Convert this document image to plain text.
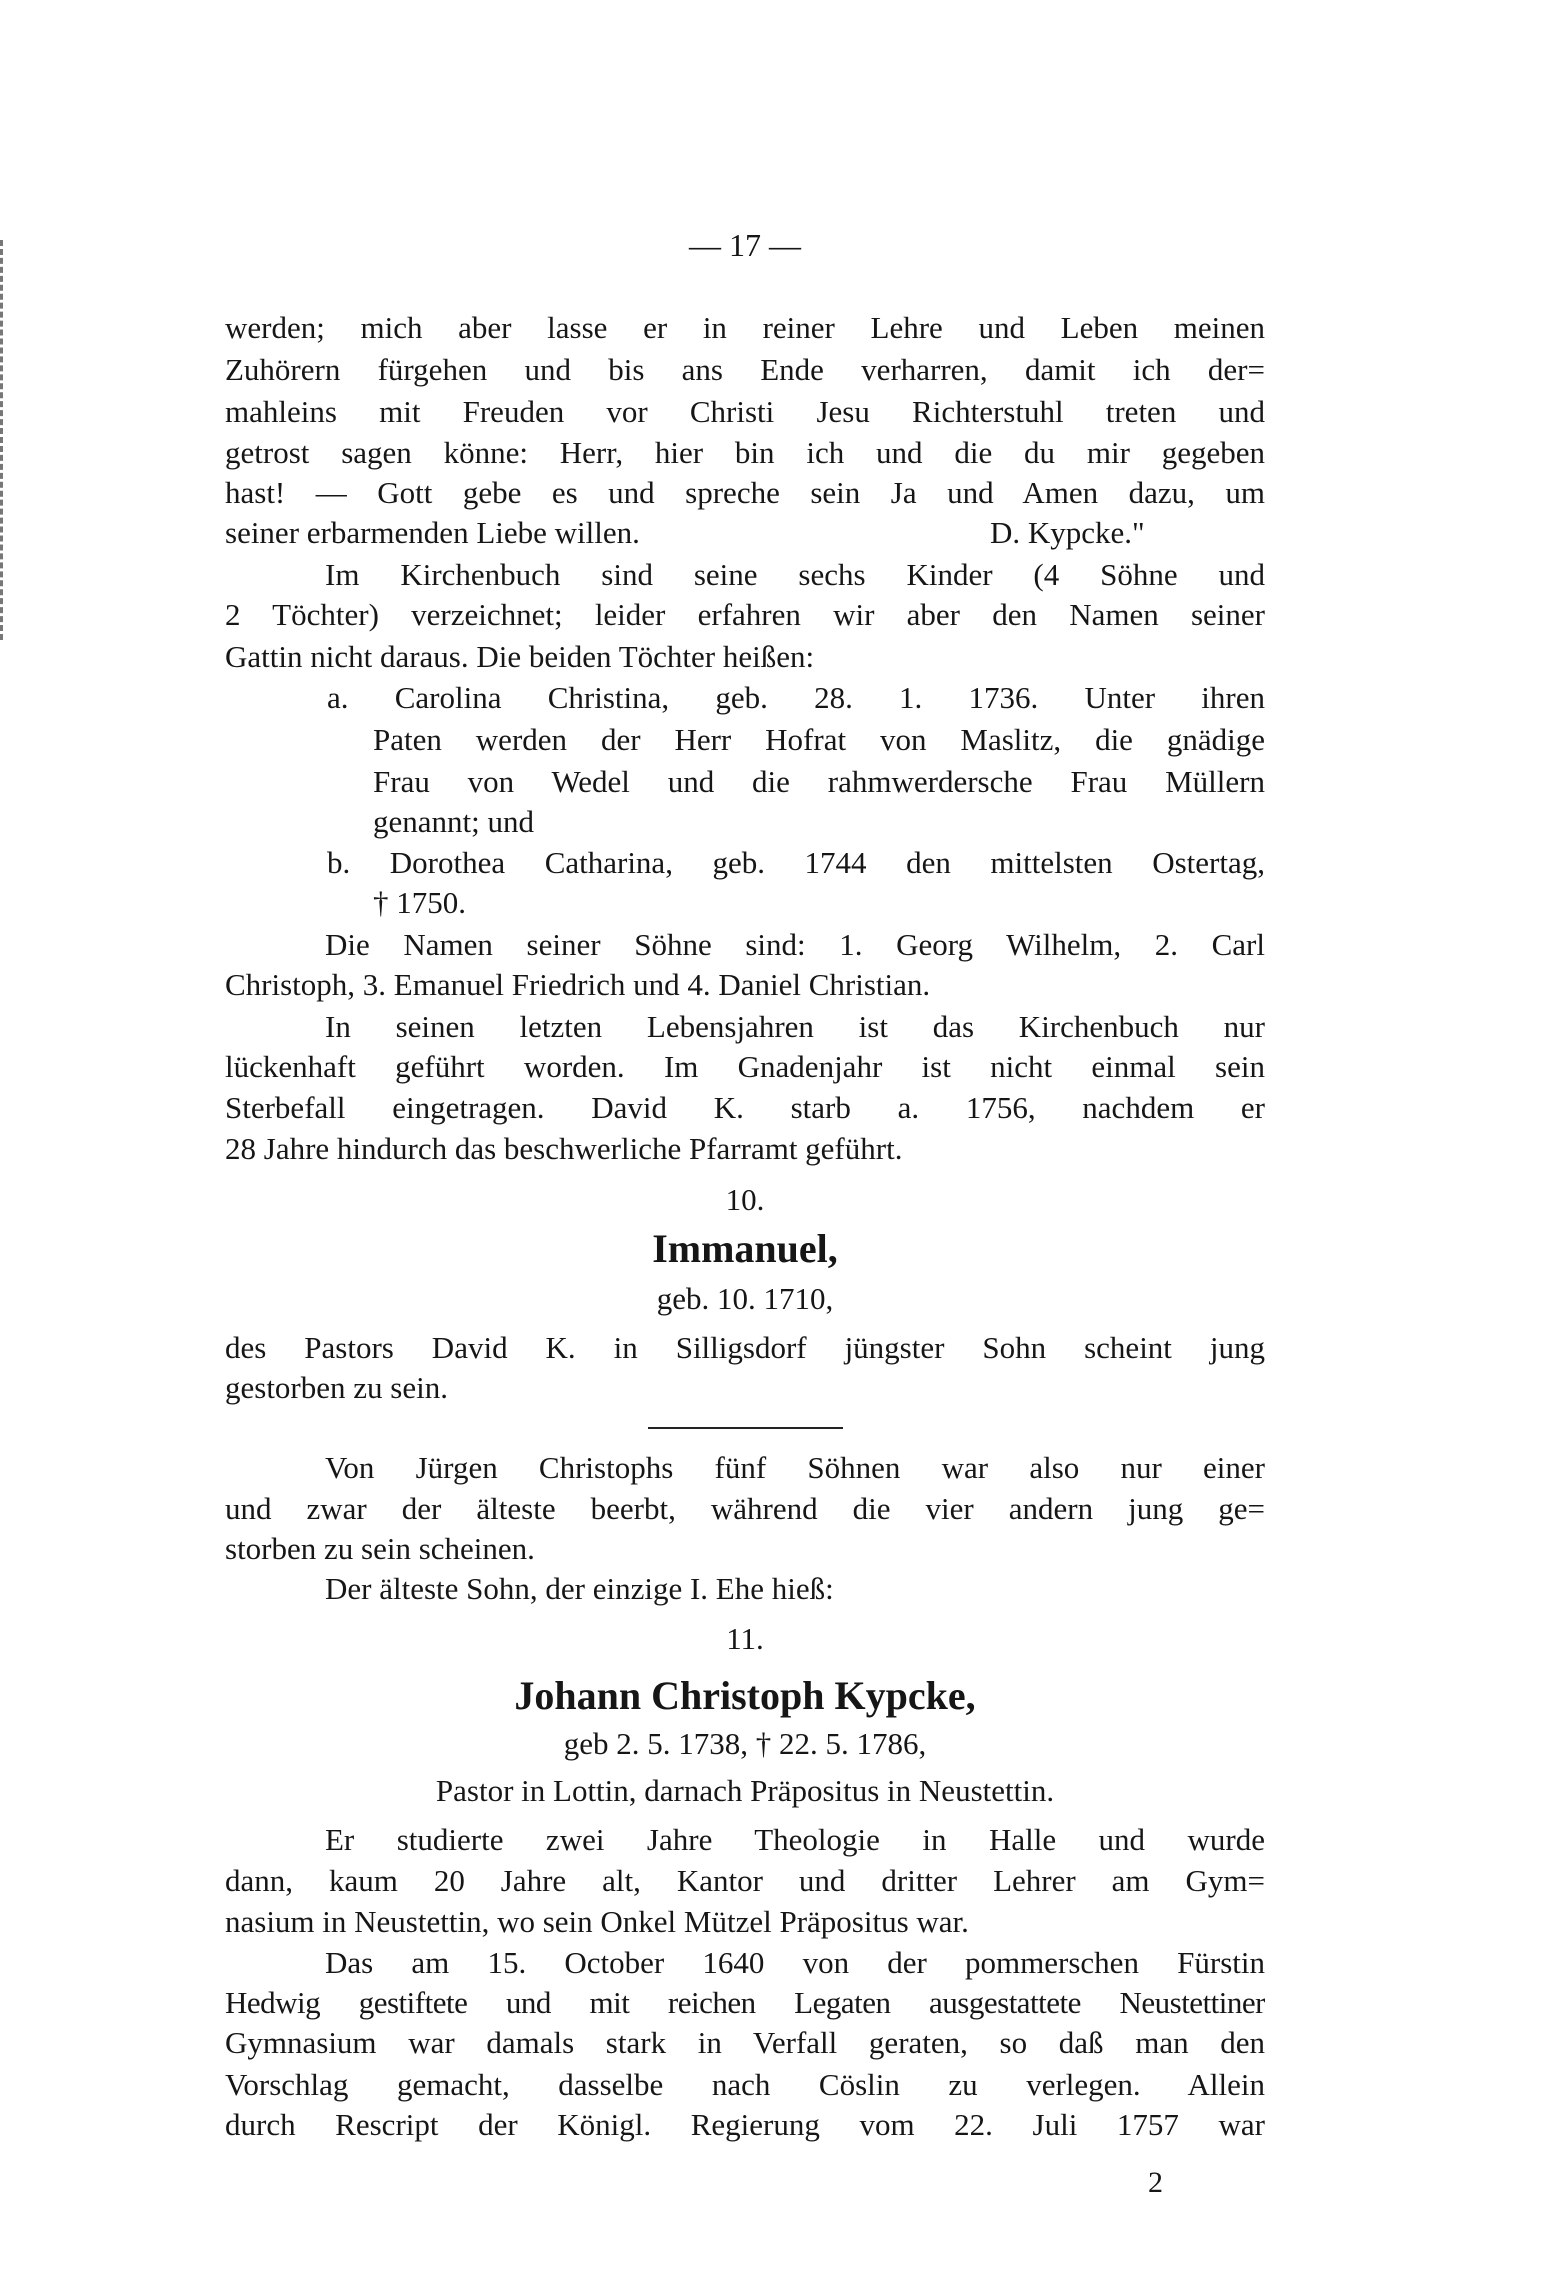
— 17 —
werden; mich aber lasse er in reiner Lehre und Leben meinen
Zuhörern fürgehen und bis ans Ende verharren, damit ich der=
mahleins mit Freuden vor Christi Jesu Richterstuhl treten und
getrost sagen könne: Herr, hier bin ich und die du mir gegeben
hast! — Gott gebe es und spreche sein Ja und Amen dazu, um
seiner erbarmenden Liebe willen.	D. Kypcke."
Im Kirchenbuch sind seine sechs Kinder (4 Söhne und
2 Töchter) verzeichnet; leider erfahren wir aber den Namen seiner
Gattin nicht daraus. Die beiden Töchter heißen:
a. Carolina Christina, geb. 28. 1. 1736. Unter ihren
Paten werden der Herr Hofrat von Maslitz, die gnädige
Frau von Wedel und die rahmwerdersche Frau Müllern
genannt; und
b. Dorothea Catharina, geb. 1744 den mittelsten Ostertag,
† 1750.
Die Namen seiner Söhne sind: 1. Georg Wilhelm, 2. Carl
Christoph, 3. Emanuel Friedrich und 4. Daniel Christian.
In seinen letzten Lebensjahren ist das Kirchenbuch nur
lückenhaft geführt worden. Im Gnadenjahr ist nicht einmal sein
Sterbefall eingetragen. David K. starb a. 1756, nachdem er
28 Jahre hindurch das beschwerliche Pfarramt geführt.
10.
Immanuel,
geb. 10. 1710,
des Pastors David K. in Silligsdorf jüngster Sohn scheint jung
gestorben zu sein.
Von Jürgen Christophs fünf Söhnen war also nur einer
und zwar der älteste beerbt, während die vier andern jung ge=
storben zu sein scheinen.
Der älteste Sohn, der einzige I. Ehe hieß:
11.
Johann Christoph Kypcke,
geb 2. 5. 1738, † 22. 5. 1786,
Pastor in Lottin, darnach Präpositus in Neustettin.
Er studierte zwei Jahre Theologie in Halle und wurde
dann, kaum 20 Jahre alt, Kantor und dritter Lehrer am Gym=
nasium in Neustettin, wo sein Onkel Mützel Präpositus war.
Das am 15. October 1640 von der pommerschen Fürstin
Hedwig gestiftete und mit reichen Legaten ausgestattete Neustettiner
Gymnasium war damals stark in Verfall geraten, so daß man den
Vorschlag gemacht, dasselbe nach Cöslin zu verlegen. Allein
durch Rescript der Königl. Regierung vom 22. Juli 1757 war
2
